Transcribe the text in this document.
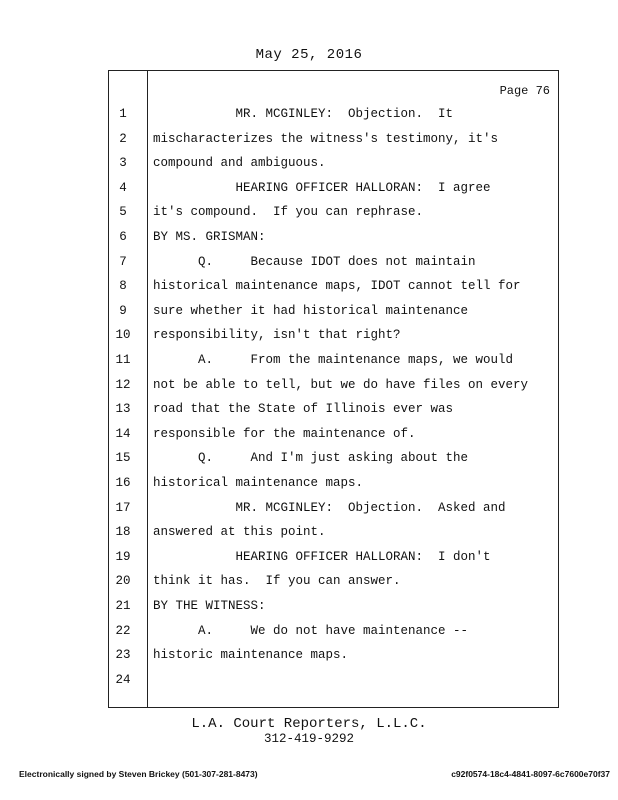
May 25, 2016
Page 76
1	MR. MCGINLEY:  Objection.  It
2	mischaracterizes the witness's testimony, it's
3	compound and ambiguous.
4	HEARING OFFICER HALLORAN:  I agree
5	it's compound.  If you can rephrase.
6	BY MS. GRISMAN:
7	Q.     Because IDOT does not maintain
8	historical maintenance maps, IDOT cannot tell for
9	sure whether it had historical maintenance
10	responsibility, isn't that right?
11	A.     From the maintenance maps, we would
12	not be able to tell, but we do have files on every
13	road that the State of Illinois ever was
14	responsible for the maintenance of.
15	Q.     And I'm just asking about the
16	historical maintenance maps.
17	MR. MCGINLEY:  Objection.  Asked and
18	answered at this point.
19	HEARING OFFICER HALLORAN:  I don't
20	think it has.  If you can answer.
21	BY THE WITNESS:
22	A.     We do not have maintenance --
23	historic maintenance maps.
24
L.A. Court Reporters, L.L.C.
312-419-9292
Electronically signed by Steven Brickey (501-307-281-8473)	c92f0574-18c4-4841-8097-6c7600e70f37
